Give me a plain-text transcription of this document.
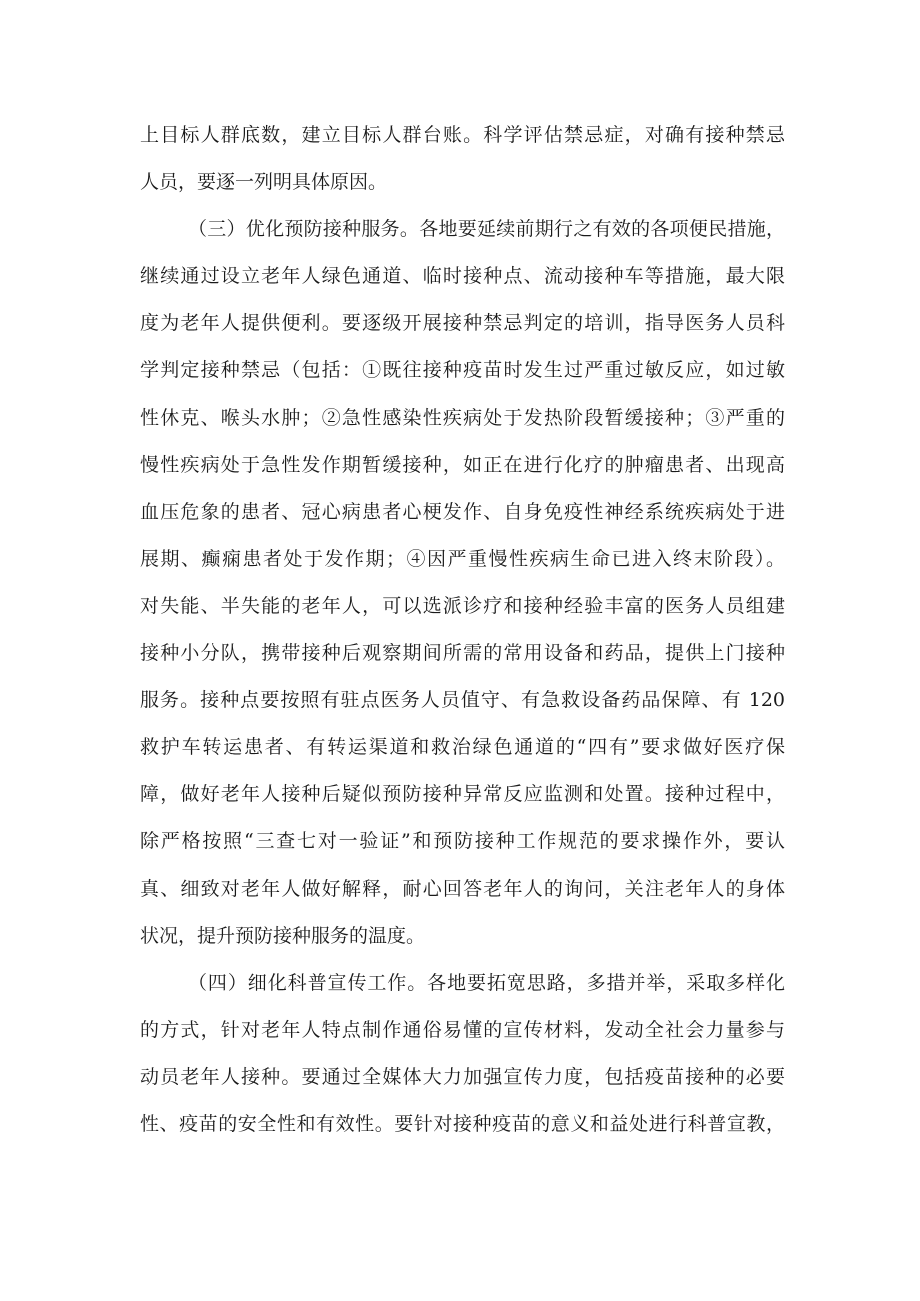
上目标人群底数，建立目标人群台账。科学评估禁忌症，对确有接种禁忌
人员，要逐一列明具体原因。
（三）优化预防接种服务。各地要延续前期行之有效的各项便民措施，
继续通过设立老年人绿色通道、临时接种点、流动接种车等措施，最大限
度为老年人提供便利。要逐级开展接种禁忌判定的培训，指导医务人员科
学判定接种禁忌（包括：①既往接种疫苗时发生过严重过敏反应，如过敏
性休克、喉头水肿；②急性感染性疾病处于发热阶段暂缓接种；③严重的
慢性疾病处于急性发作期暂缓接种，如正在进行化疗的肿瘤患者、出现高
血压危象的患者、冠心病患者心梗发作、自身免疫性神经系统疾病处于进
展期、癫痫患者处于发作期；④因严重慢性疾病生命已进入终末阶段）。
对失能、半失能的老年人，可以选派诊疗和接种经验丰富的医务人员组建
接种小分队，携带接种后观察期间所需的常用设备和药品，提供上门接种
服务。接种点要按照有驻点医务人员值守、有急救设备药品保障、有 120
救护车转运患者、有转运渠道和救治绿色通道的“四有”要求做好医疗保
障，做好老年人接种后疑似预防接种异常反应监测和处置。接种过程中，
除严格按照“三查七对一验证”和预防接种工作规范的要求操作外，要认
真、细致对老年人做好解释，耐心回答老年人的询问，关注老年人的身体
状况，提升预防接种服务的温度。
（四）细化科普宣传工作。各地要拓宽思路，多措并举，采取多样化
的方式，针对老年人特点制作通俗易懂的宣传材料，发动全社会力量参与
动员老年人接种。要通过全媒体大力加强宣传力度，包括疫苗接种的必要
性、疫苗的安全性和有效性。要针对接种疫苗的意义和益处进行科普宣教，
